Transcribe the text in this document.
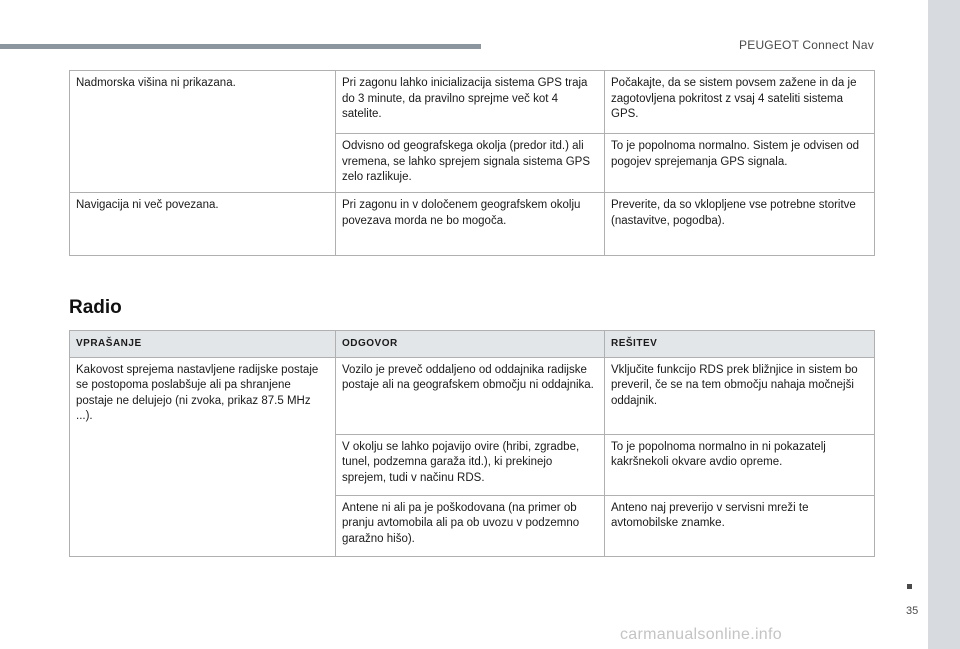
PEUGEOT Connect Nav
Nadmorska višina ni prikazana.	Pri zagonu lahko inicializacija sistema GPS traja do 3 minute, da pravilno sprejme več kot 4 satelite.	Počakajte, da se sistem povsem zažene in da je zagotovljena pokritost z vsaj 4 sateliti sistema GPS.
	Odvisno od geografskega okolja (predor itd.) ali vremena, se lahko sprejem signala sistema GPS zelo razlikuje.	To je popolnoma normalno. Sistem je odvisen od pogojev sprejemanja GPS signala.
Navigacija ni več povezana.	Pri zagonu in v določenem geografskem okolju povezava morda ne bo mogoča.	Preverite, da so vklopljene vse potrebne storitve (nastavitve, pogodba).
Radio
VPRAŠANJE	ODGOVOR	REŠITEV
Kakovost sprejema nastavljene radijske postaje se postopoma poslabšuje ali pa shranjene postaje ne delujejo (ni zvoka, prikaz 87.5 MHz ...).	Vozilo je preveč oddaljeno od oddajnika radijske postaje ali na geografskem območju ni oddajnika.	Vključite funkcijo RDS prek bližnjice in sistem bo preveril, če se na tem območju nahaja močnejši oddajnik.
	V okolju se lahko pojavijo ovire (hribi, zgradbe, tunel, podzemna garaža itd.), ki prekinejo sprejem, tudi v načinu RDS.	To je popolnoma normalno in ni pokazatelj kakršnekoli okvare avdio opreme.
	Antene ni ali pa je poškodovana (na primer ob pranju avtomobila ali pa ob uvozu v podzemno garažno hišo).	Anteno naj preverijo v servisni mreži te avtomobilske znamke.
35
carmanualsonline.info
